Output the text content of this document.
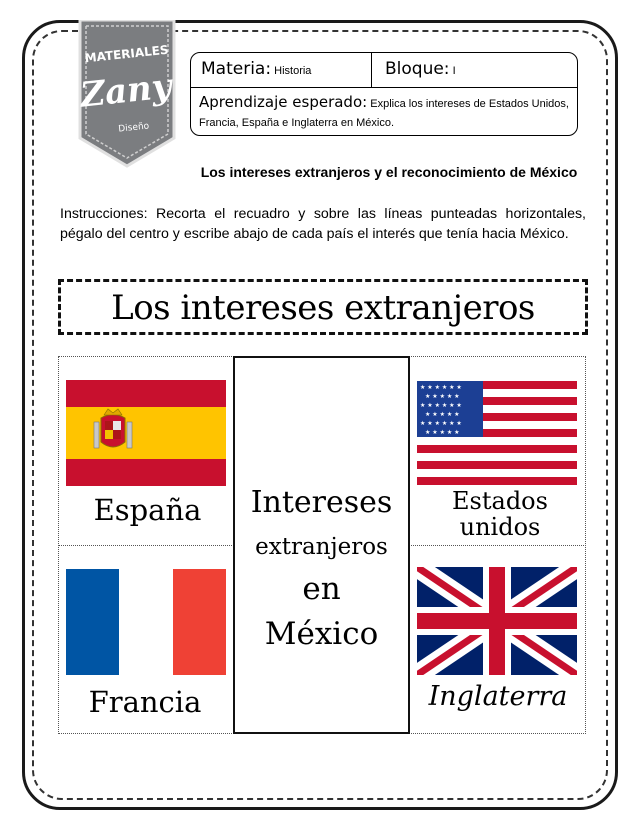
MATERIALES
Zany
Diseño
Materia: Historia	Bloque: I
Aprendizaje esperado: Explica los intereses de Estados Unidos, Francia, España e Inglaterra en México.
Los intereses extranjeros y el reconocimiento de México
Instrucciones: Recorta el recuadro y sobre las líneas punteadas horizontales, pégalo del centro y escribe abajo de cada país el interés que tenía hacia México.
Los intereses extranjeros
★ ★ ★ ★ ★ ★
★ ★ ★ ★ ★
★ ★ ★ ★ ★ ★
★ ★ ★ ★ ★
★ ★ ★ ★ ★ ★
★ ★ ★ ★ ★
España	Estados
unidos
Francia	Inglaterra
Intereses
extranjeros
en
México
